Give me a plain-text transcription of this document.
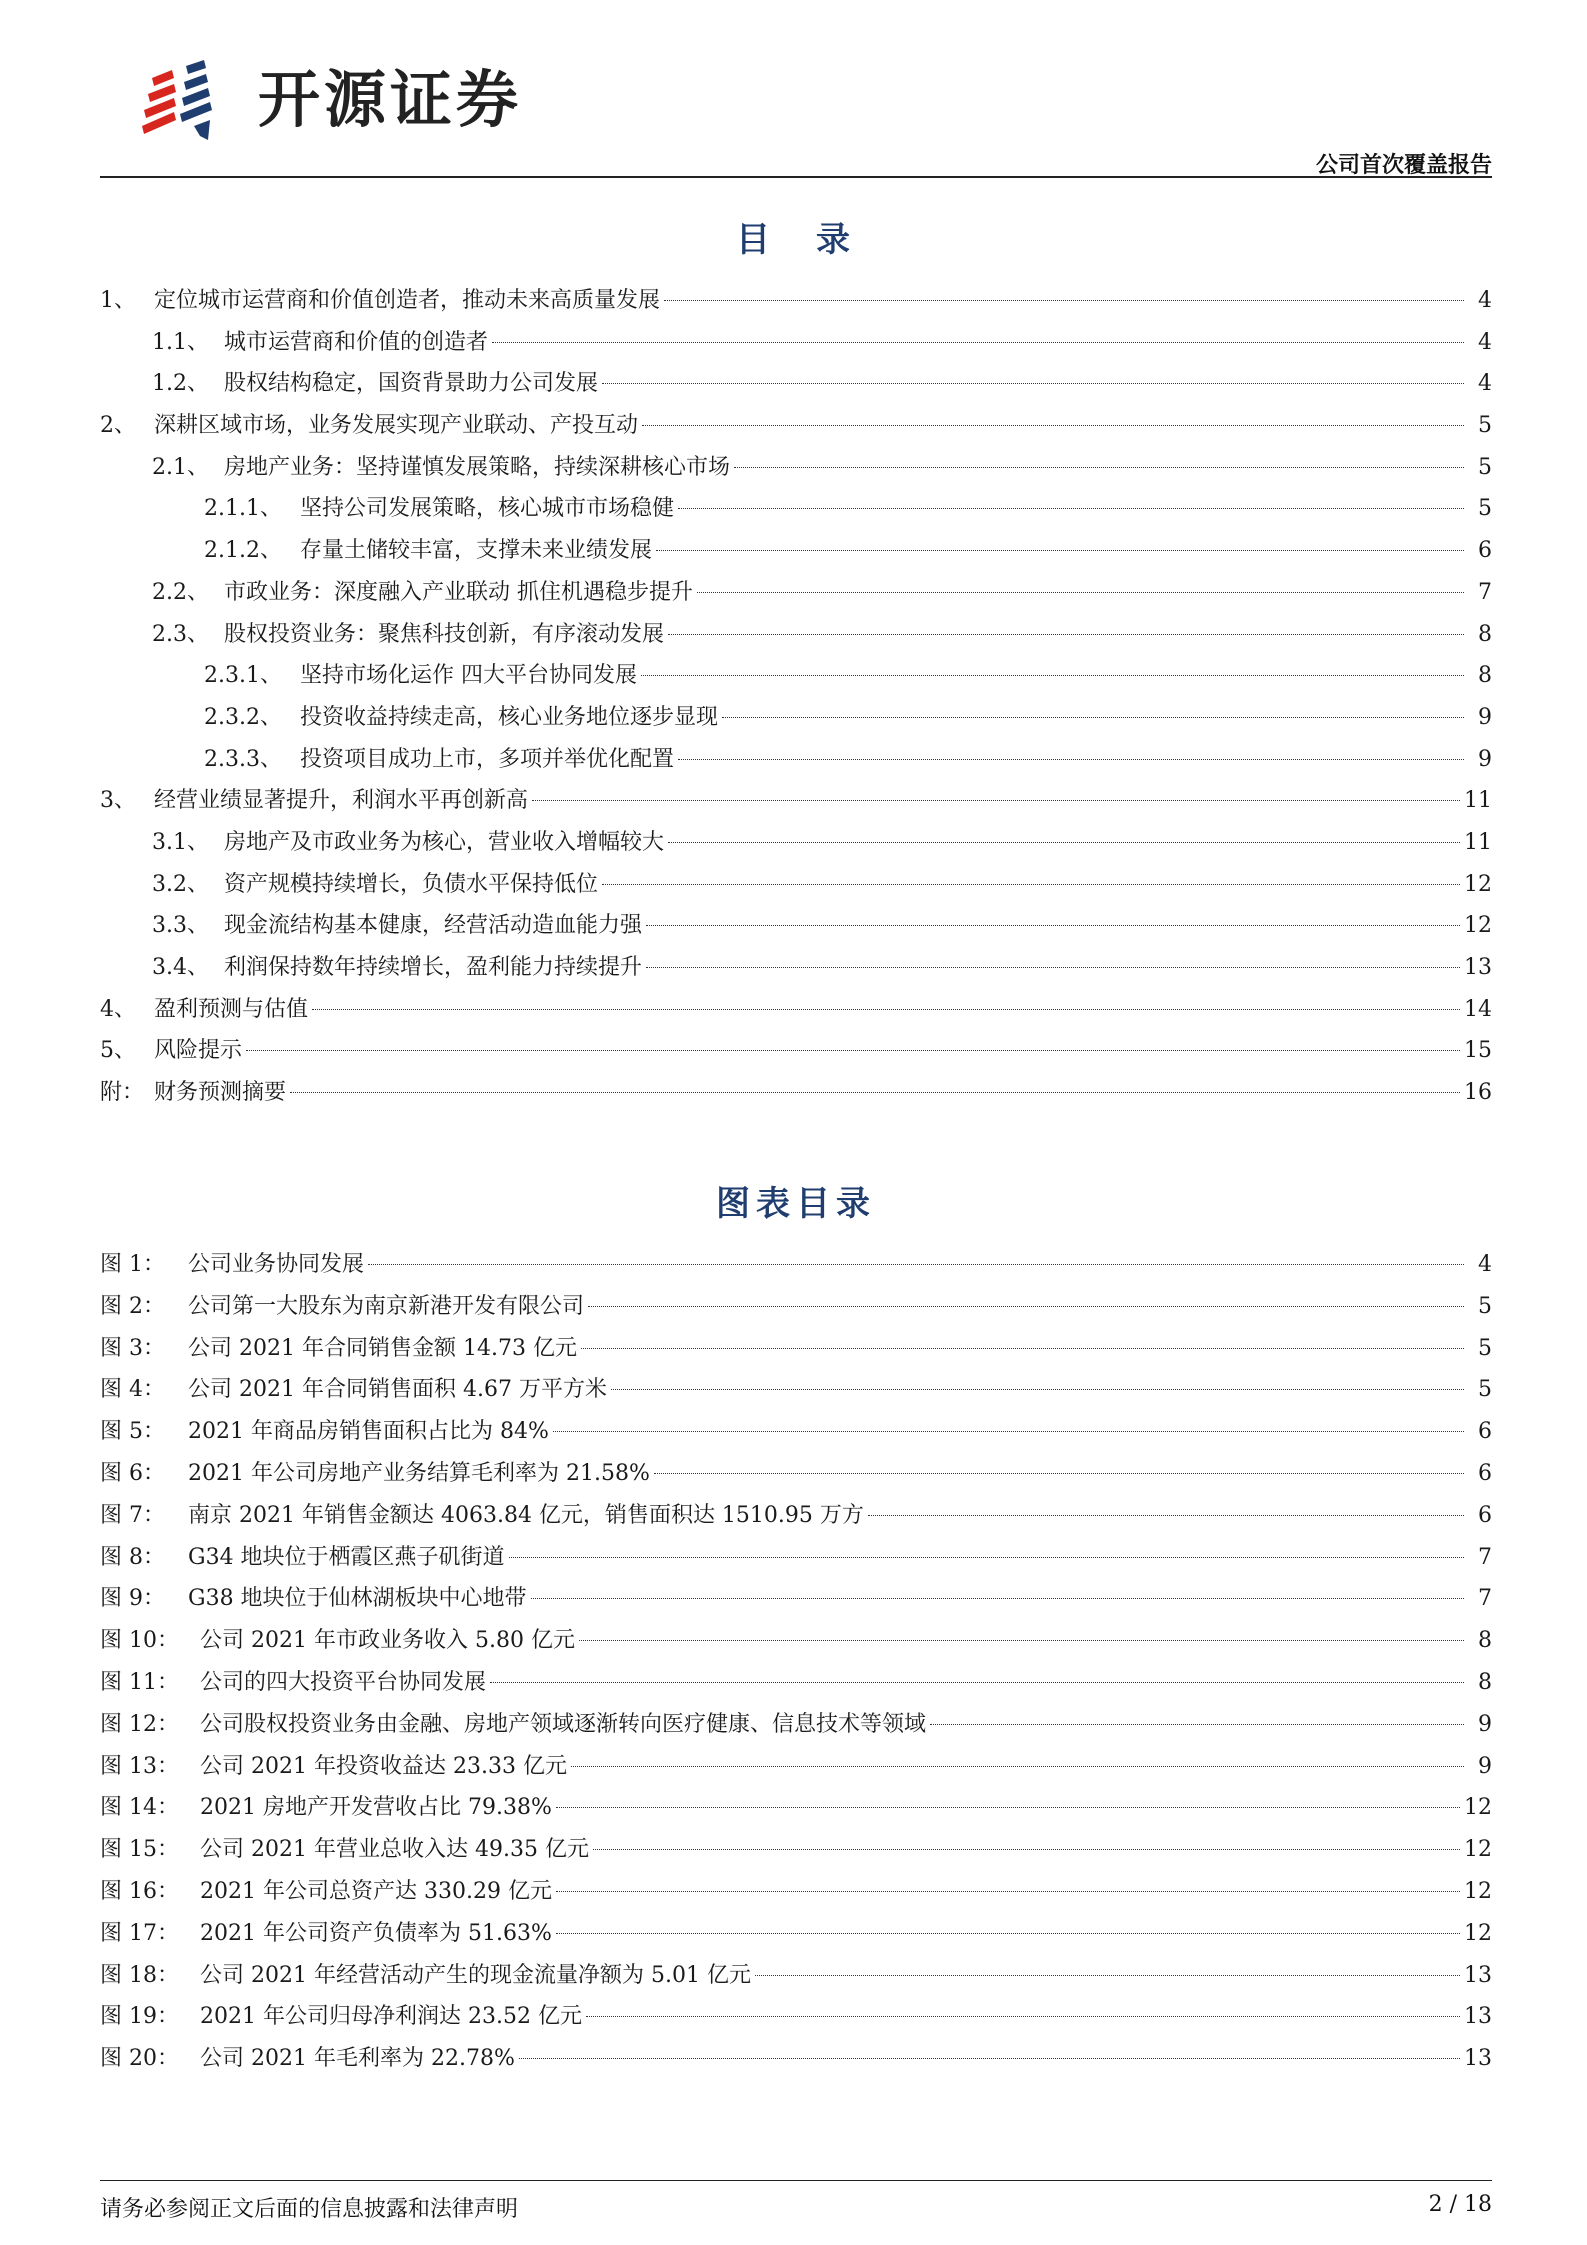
开源证券
公司首次覆盖报告
目　录
1、 定位城市运营商和价值创造者，推动未来高质量发展	4
1.1、 城市运营商和价值的创造者	4
1.2、 股权结构稳定，国资背景助力公司发展	4
2、 深耕区域市场，业务发展实现产业联动、产投互动	5
2.1、 房地产业务：坚持谨慎发展策略，持续深耕核心市场	5
2.1.1、 坚持公司发展策略，核心城市市场稳健	5
2.1.2、 存量土储较丰富，支撑未来业绩发展	6
2.2、 市政业务：深度融入产业联动 抓住机遇稳步提升	7
2.3、 股权投资业务：聚焦科技创新，有序滚动发展	8
2.3.1、 坚持市场化运作 四大平台协同发展	8
2.3.2、 投资收益持续走高，核心业务地位逐步显现	9
2.3.3、 投资项目成功上市，多项并举优化配置	9
3、 经营业绩显著提升，利润水平再创新高	11
3.1、 房地产及市政业务为核心，营业收入增幅较大	11
3.2、 资产规模持续增长，负债水平保持低位	12
3.3、 现金流结构基本健康，经营活动造血能力强	12
3.4、 利润保持数年持续增长，盈利能力持续提升	13
4、 盈利预测与估值	14
5、 风险提示	15
附： 财务预测摘要	16
图表目录
图 1：	公司业务协同发展	4
图 2：	公司第一大股东为南京新港开发有限公司	5
图 3：	公司 2021 年合同销售金额 14.73 亿元	5
图 4：	公司 2021 年合同销售面积 4.67 万平方米	5
图 5：	2021 年商品房销售面积占比为 84%	6
图 6：	2021 年公司房地产业务结算毛利率为 21.58%	6
图 7：	南京 2021 年销售金额达 4063.84 亿元，销售面积达 1510.95 万方	6
图 8：	G34 地块位于栖霞区燕子矶街道	7
图 9：	G38 地块位于仙林湖板块中心地带	7
图 10： 公司 2021 年市政业务收入 5.80 亿元	8
图 11： 公司的四大投资平台协同发展	8
图 12： 公司股权投资业务由金融、房地产领域逐渐转向医疗健康、信息技术等领域	9
图 13： 公司 2021 年投资收益达 23.33 亿元	9
图 14： 2021 房地产开发营收占比 79.38%	12
图 15： 公司 2021 年营业总收入达 49.35 亿元	12
图 16： 2021 年公司总资产达 330.29 亿元	12
图 17： 2021 年公司资产负债率为 51.63%	12
图 18： 公司 2021 年经营活动产生的现金流量净额为 5.01 亿元	13
图 19： 2021 年公司归母净利润达 23.52 亿元	13
图 20： 公司 2021 年毛利率为 22.78%	13
请务必参阅正文后面的信息披露和法律声明	2 / 18
